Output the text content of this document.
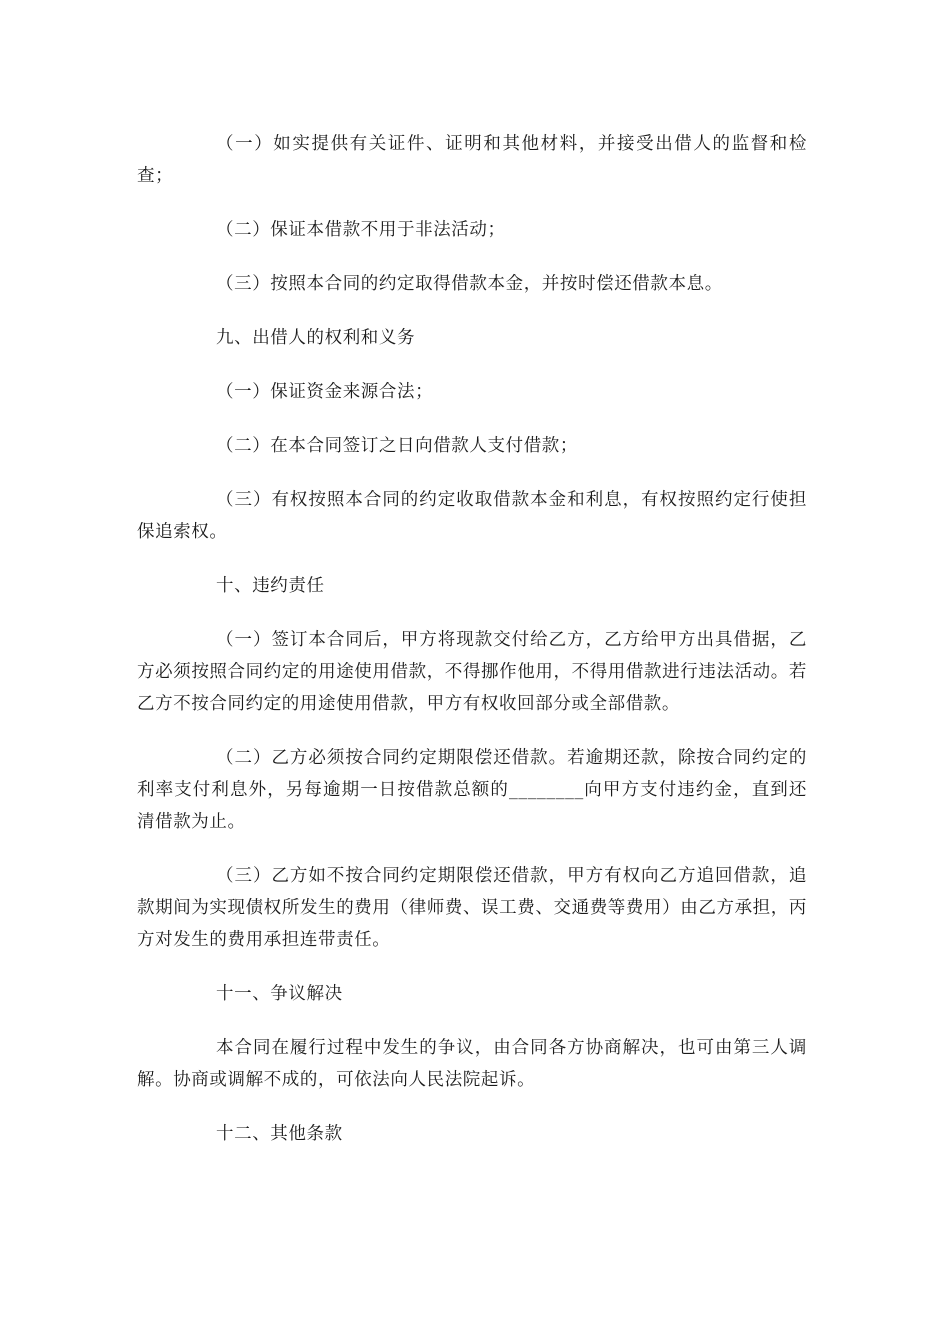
（一）如实提供有关证件、证明和其他材料，并接受出借人的监督和检查；

（二）保证本借款不用于非法活动；

（三）按照本合同的约定取得借款本金，并按时偿还借款本息。

九、出借人的权利和义务

（一）保证资金来源合法；

（二）在本合同签订之日向借款人支付借款；

（三）有权按照本合同的约定收取借款本金和利息，有权按照约定行使担保追索权。

十、违约责任

（一）签订本合同后，甲方将现款交付给乙方，乙方给甲方出具借据，乙方必须按照合同约定的用途使用借款，不得挪作他用，不得用借款进行违法活动。若乙方不按合同约定的用途使用借款，甲方有权收回部分或全部借款。

（二）乙方必须按合同约定期限偿还借款。若逾期还款，除按合同约定的利率支付利息外，另每逾期一日按借款总额的________向甲方支付违约金，直到还清借款为止。

（三）乙方如不按合同约定期限偿还借款，甲方有权向乙方追回借款，追款期间为实现债权所发生的费用（律师费、误工费、交通费等费用）由乙方承担，丙方对发生的费用承担连带责任。

十一、争议解决

本合同在履行过程中发生的争议，由合同各方协商解决，也可由第三人调解。协商或调解不成的，可依法向人民法院起诉。

十二、其他条款
